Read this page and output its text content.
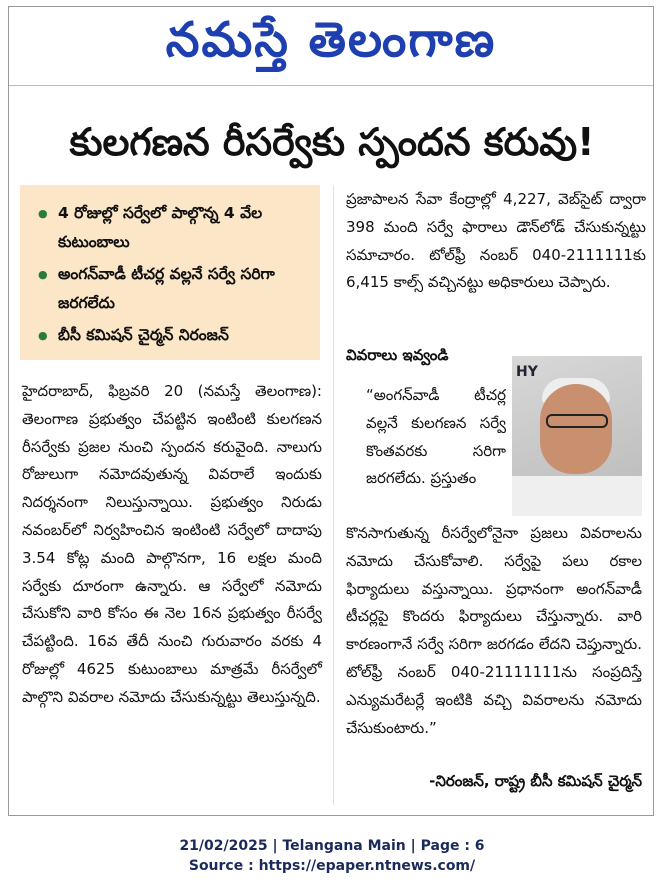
నమస్తే తెలంగాణ
కులగణన రీసర్వేకు స్పందన కరువు!
● 4 రోజుల్లో సర్వేలో పాల్గొన్న 4 వేల కుటుంబాలు
● అంగన్‌వాడీ టీచర్ల వల్లనే సర్వే సరిగా జరగలేదు
● బీసీ కమిషన్ చైర్మన్ నిరంజన్

హైదరాబాద్, ఫిబ్రవరి 20 (నమస్తే తెలంగాణ): తెలంగాణ ప్రభుత్వం చేపట్టిన ఇంటింటి కులగణన రీసర్వేకు ప్రజల నుంచి స్పందన కరువైంది. నాలుగు రోజులుగా నమోదవుతున్న వివరాలే ఇందుకు నిదర్శనంగా నిలుస్తున్నాయి. ప్రభుత్వం నిరుడు నవంబర్‌లో నిర్వహించిన ఇంటింటి సర్వేలో దాదాపు 3.54 కోట్ల మంది పాల్గొనగా, 16 లక్షల మంది సర్వేకు దూరంగా ఉన్నారు. ఆ సర్వేలో నమోదు చేసుకోని వారి కోసం ఈ నెల 16న ప్రభుత్వం రీసర్వే చేపట్టింది. 16వ తేదీ నుంచి గురువారం వరకు 4 రోజుల్లో 4625 కుటుంబాలు మాత్రమే రీసర్వేలో పాల్గొని వివరాల నమోదు చేసుకున్నట్టు తెలుస్తున్నది.

ప్రజాపాలన సేవా కేంద్రాల్లో 4,227, వెబ్‌సైట్ ద్వారా 398 మంది సర్వే ఫారాలు డౌన్‌లోడ్ చేసుకున్నట్టు సమాచారం. టోల్‌ఫ్రీ నంబర్ 040-2111111కు 6,415 కాల్స్ వచ్చినట్టు అధికారులు చెప్పారు.

వివరాలు ఇవ్వండి
HY

“అంగన్‌వాడీ టీచర్ల వల్లనే కులగణన సర్వే కొంతవరకు సరిగా జరగలేదు. ప్రస్తుతం

కొనసాగుతున్న రీసర్వేలోనైనా ప్రజలు వివరాలను నమోదు చేసుకోవాలి. సర్వేపై పలు రకాల ఫిర్యాదులు వస్తున్నాయి. ప్రధానంగా అంగన్‌వాడీ టీచర్లపై కొందరు ఫిర్యాదులు చేస్తున్నారు. వారి కారణంగానే సర్వే సరిగా జరగడం లేదని చెప్తున్నారు. టోల్‌ఫ్రీ నంబర్ 040-21111111ను సంప్రదిస్తే ఎన్యుమరేటర్లే ఇంటికి వచ్చి వివరాలను నమోదు చేసుకుంటారు.”

-నిరంజన్, రాష్ట్ర బీసీ కమిషన్ చైర్మన్
21/02/2025 | Telangana Main | Page : 6
Source : https://epaper.ntnews.com/
